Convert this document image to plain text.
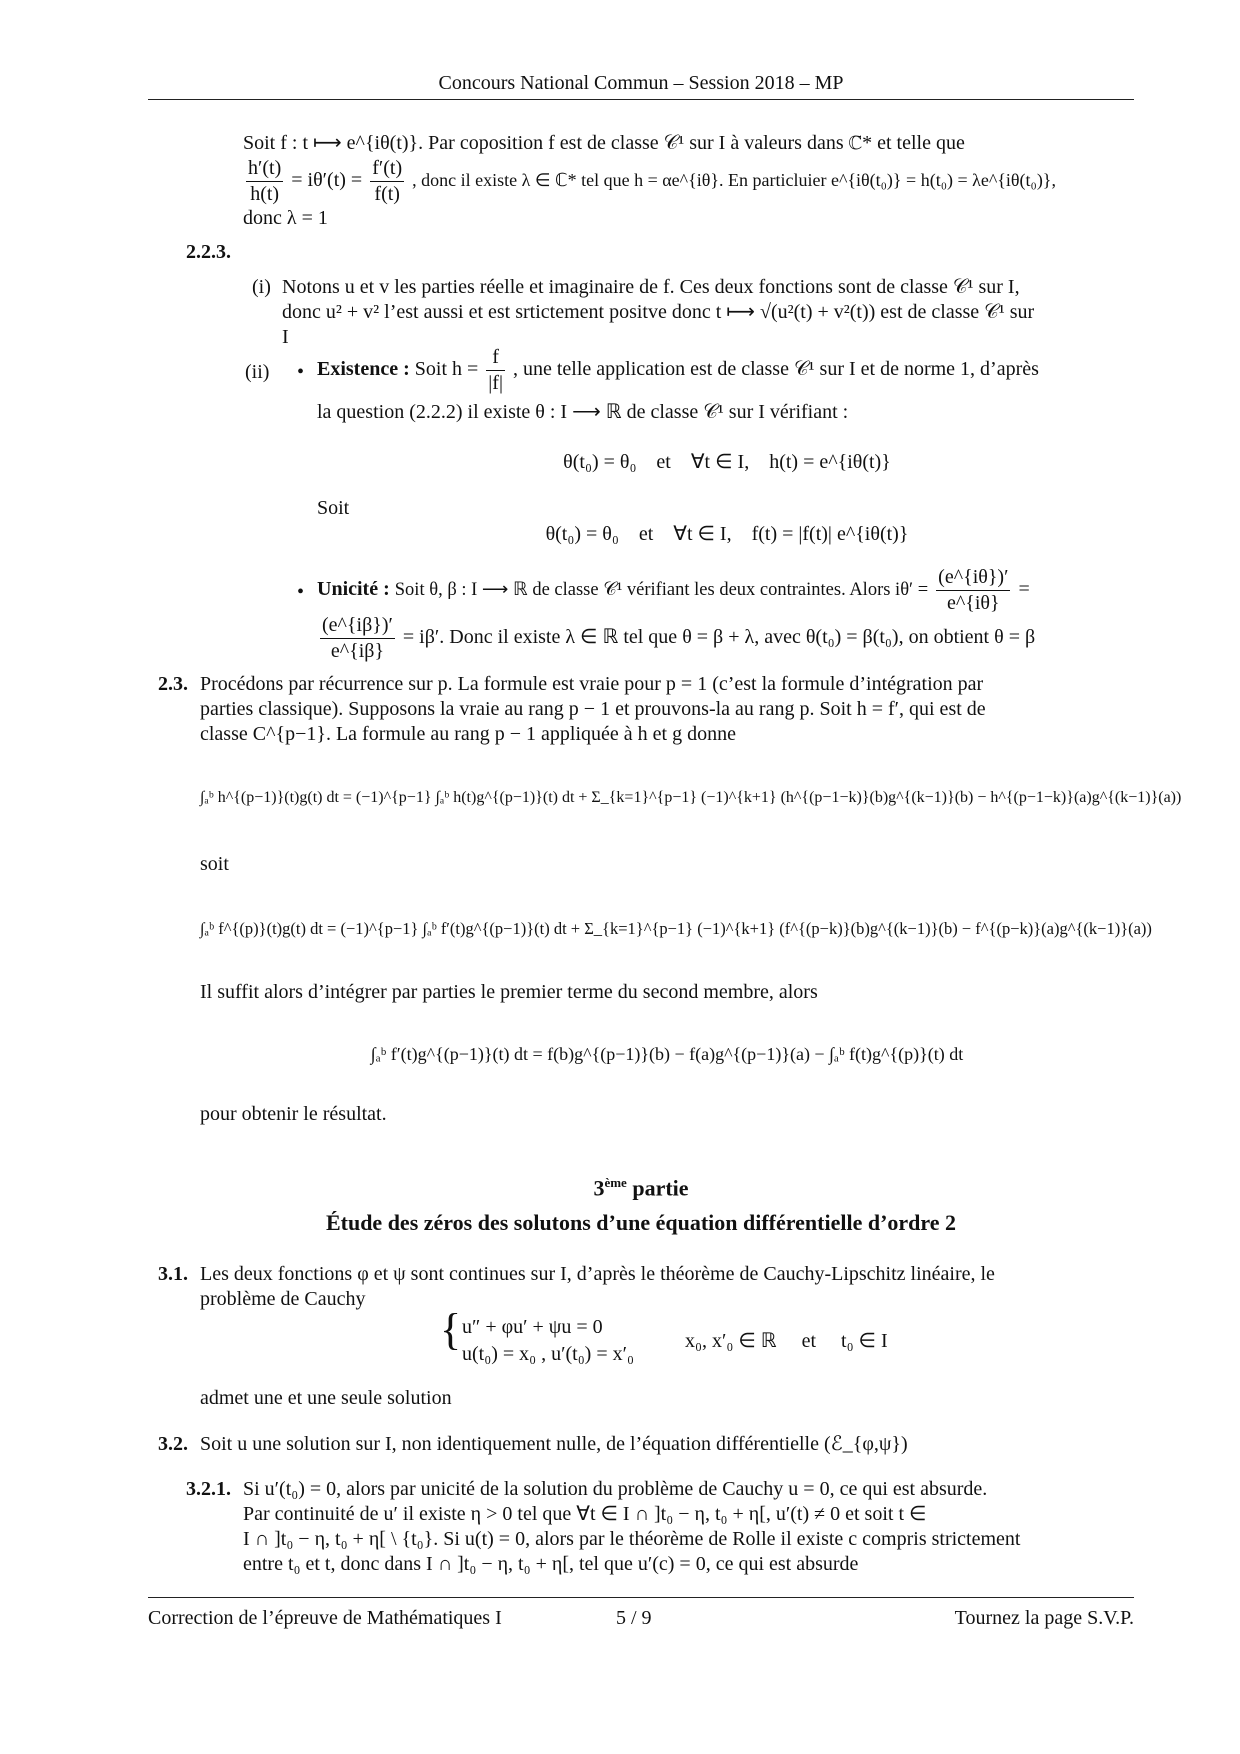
Concours National Commun – Session 2018 – MP
Soit f : t ⟼ e^{iθ(t)}. Par coposition f est de classe 𝒞¹ sur I à valeurs dans ℂ* et telle que
$\frac{h'(t)}{h(t)} = i\theta'(t) = \frac{f'(t)}{f(t)}$ , donc il existe λ ∈ ℂ* tel que h = αe^{iθ}. En particluier e^{iθ(t₀)} = h(t₀) = λe^{iθ(t₀)},
donc λ = 1
2.2.3.
(i) Notons u et v les parties réelle et imaginaire de f. Ces deux fonctions sont de classe 𝒞¹ sur I,
donc u² + v² l’est aussi et est srtictement positve donc t ⟼ √(u²(t) + v²(t)) est de classe 𝒞¹ sur
I
(ii) • Existence : Soit $h = \frac{f}{|f|}$ , une telle application est de classe 𝒞¹ sur I et de norme 1, d’après
la question (2.2.2) il existe θ : I ⟶ ℝ de classe 𝒞¹ sur I vérifiant :
θ(t₀) = θ₀    et    ∀t ∈ I,    h(t) = e^{iθ(t)}
Soit
θ(t₀) = θ₀    et    ∀t ∈ I,    f(t) = |f(t)| e^{iθ(t)}
• Unicité : Soit θ, β : I ⟶ ℝ de classe 𝒞¹ vérifiant les deux contraintes. Alors $i\theta' = \frac{(e\^{}\{i\theta\})'}{e\^{}\{i\theta\}}$ =
$\frac{(e\^{}\{i\beta\})'}{e\^{}\{i\beta\}} = i\beta'$. Donc il existe λ ∈ ℝ tel que θ = β + λ, avec θ(t₀) = β(t₀), on obtient θ = β
2.3. Procédons par récurrence sur p. La formule est vraie pour p = 1 (c’est la formule d’intégration par
parties classique). Supposons la vraie au rang p − 1 et prouvons-la au rang p. Soit h = f′, qui est de
classe C^{p−1}. La formule au rang p − 1 appliquée à h et g donne
∫ₐᵇ h^{(p−1)}(t)g(t) dt = (−1)^{p−1} ∫ₐᵇ h(t)g^{(p−1)}(t) dt + Σ_{k=1}^{p−1} (−1)^{k+1} (h^{(p−1−k)}(b)g^{(k−1)}(b) − h^{(p−1−k)}(a)g^{(k−1)}(a))
soit
∫ₐᵇ f^{(p)}(t)g(t) dt = (−1)^{p−1} ∫ₐᵇ f′(t)g^{(p−1)}(t) dt + Σ_{k=1}^{p−1} (−1)^{k+1} (f^{(p−k)}(b)g^{(k−1)}(b) − f^{(p−k)}(a)g^{(k−1)}(a))
Il suffit alors d’intégrer par parties le premier terme du second membre, alors
∫ₐᵇ f′(t)g^{(p−1)}(t) dt = f(b)g^{(p−1)}(b) − f(a)g^{(p−1)}(a) − ∫ₐᵇ f(t)g^{(p)}(t) dt
pour obtenir le résultat.
3ème partie
Étude des zéros des solutons d’une équation différentielle d’ordre 2
3.1. Les deux fonctions φ et ψ sont continues sur I, d’après le théorème de Cauchy-Lipschitz linéaire, le
problème de Cauchy
{ u″ + φu′ + ψu = 0
u(t₀) = x₀ , u′(t₀) = x′₀
x₀, x′₀ ∈ ℝ     et     t₀ ∈ I
admet une et une seule solution
3.2. Soit u une solution sur I, non identiquement nulle, de l’équation différentielle (ℰ_{φ,ψ})
3.2.1. Si u′(t₀) = 0, alors par unicité de la solution du problème de Cauchy u = 0, ce qui est absurde.
Par continuité de u′ il existe η > 0 tel que ∀t ∈ I ∩ ]t₀ − η, t₀ + η[, u′(t) ≠ 0 et soit t ∈
I ∩ ]t₀ − η, t₀ + η[ \ {t₀}. Si u(t) = 0, alors par le théorème de Rolle il existe c compris strictement
entre t₀ et t, donc dans I ∩ ]t₀ − η, t₀ + η[, tel que u′(c) = 0, ce qui est absurde
Correction de l’épreuve de Mathématiques I	5 / 9	Tournez la page S.V.P.
